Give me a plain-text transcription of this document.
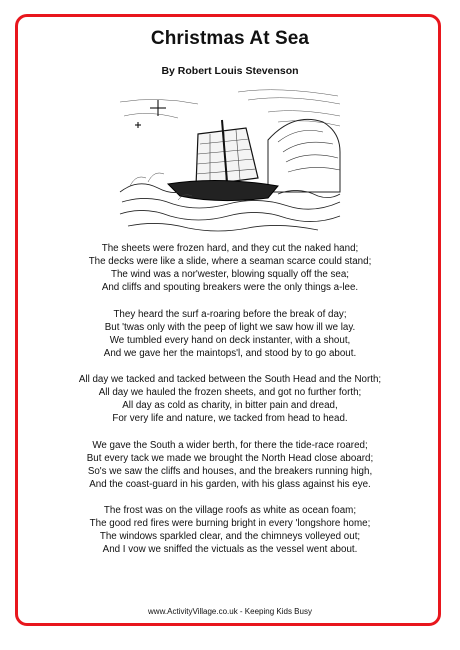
Christmas At Sea
By Robert Louis Stevenson
The sheets were frozen hard, and they cut the naked hand;
The decks were like a slide, where a seaman scarce could stand;
The wind was a nor'wester, blowing squally off the sea;
And cliffs and spouting breakers were the only things a-lee.
They heard the surf a-roaring before the break of day;
But 'twas only with the peep of light we saw how ill we lay.
We tumbled every hand on deck instanter, with a shout,
And we gave her the maintops'l, and stood by to go about.
All day we tacked and tacked between the South Head and the North;
All day we hauled the frozen sheets, and got no further forth;
All day as cold as charity, in bitter pain and dread,
For very life and nature, we tacked from head to head.
We gave the South a wider berth, for there the tide-race roared;
But every tack we made we brought the North Head close aboard;
So's we saw the cliffs and houses, and the breakers running high,
And the coast-guard in his garden, with his glass against his eye.
The frost was on the village roofs as white as ocean foam;
The good red fires were burning bright in every 'longshore home;
The windows sparkled clear, and the chimneys volleyed out;
And I vow we sniffed the victuals as the vessel went about.
www.ActivityVillage.co.uk - Keeping Kids Busy
